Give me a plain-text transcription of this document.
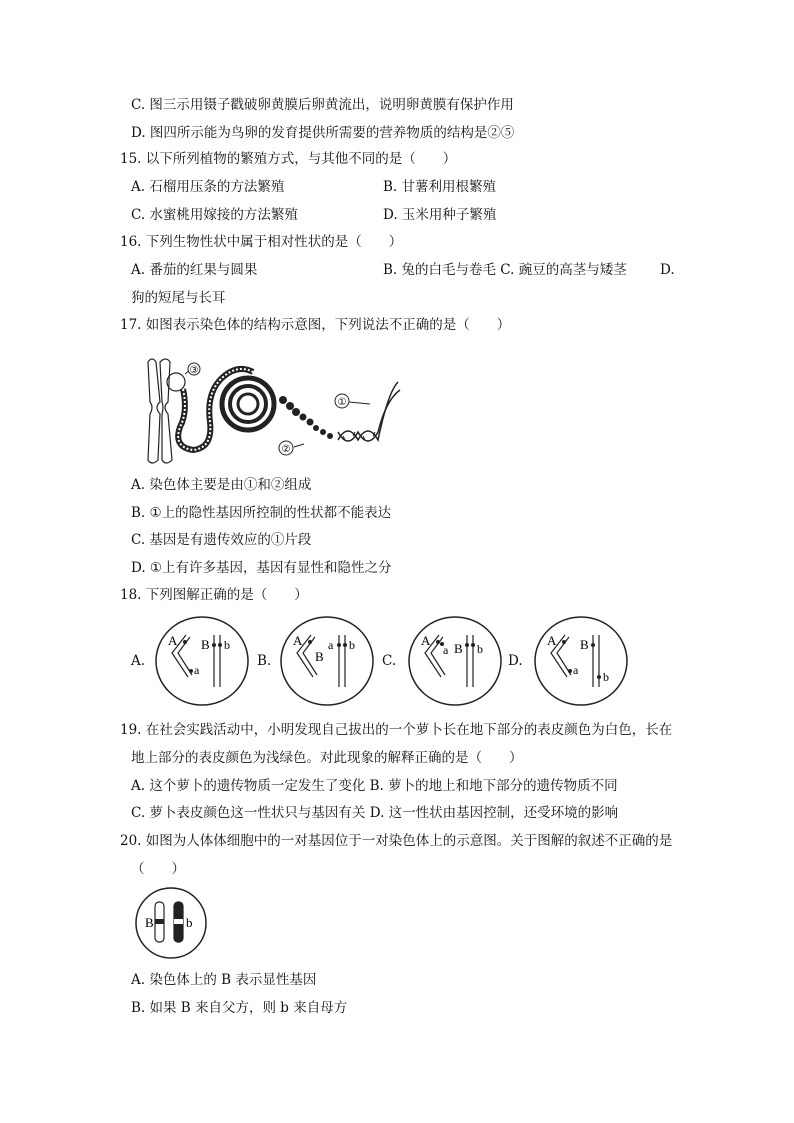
C. 图三示用镊子戳破卵黄膜后卵黄流出，说明卵黄膜有保护作用
D. 图四所示能为鸟卵的发育提供所需要的营养物质的结构是②⑤
15. 以下所列植物的繁殖方式，与其他不同的是（　　）
A. 石榴用压条的方法繁殖	B. 甘薯利用根繁殖
C. 水蜜桃用嫁接的方法繁殖	D. 玉米用种子繁殖
16. 下列生物性状中属于相对性状的是（　　）
A. 番茄的红果与圆果	B. 兔的白毛与卷毛 C. 豌豆的高茎与矮茎 D.
狗的短尾与长耳
17. 如图表示染色体的结构示意图，下列说法不正确的是（　　）
③
②
①
A. 染色体主要是由①和②组成
B. ①上的隐性基因所控制的性状都不能表达
C. 基因是有遗传效应的①片段
D. ①上有许多基因，基因有显性和隐性之分
18. 下列图解正确的是（　　）
A.
A
a
B b
B.
A
B
a b
C.
A
a B b
D.
A
a
B
b
19. 在社会实践活动中，小明发现自己拔出的一个萝卜长在地下部分的表皮颜色为白色，长在
地上部分的表皮颜色为浅绿色。对此现象的解释正确的是（　　）
A. 这个萝卜的遗传物质一定发生了变化 B. 萝卜的地上和地下部分的遗传物质不同
C. 萝卜表皮颜色这一性状只与基因有关 D. 这一性状由基因控制，还受环境的影响
20. 如图为人体体细胞中的一对基因位于一对染色体上的示意图。关于图解的叙述不正确的是
（　　）
B b
A. 染色体上的 B 表示显性基因
B. 如果 B 来自父方，则 b 来自母方
